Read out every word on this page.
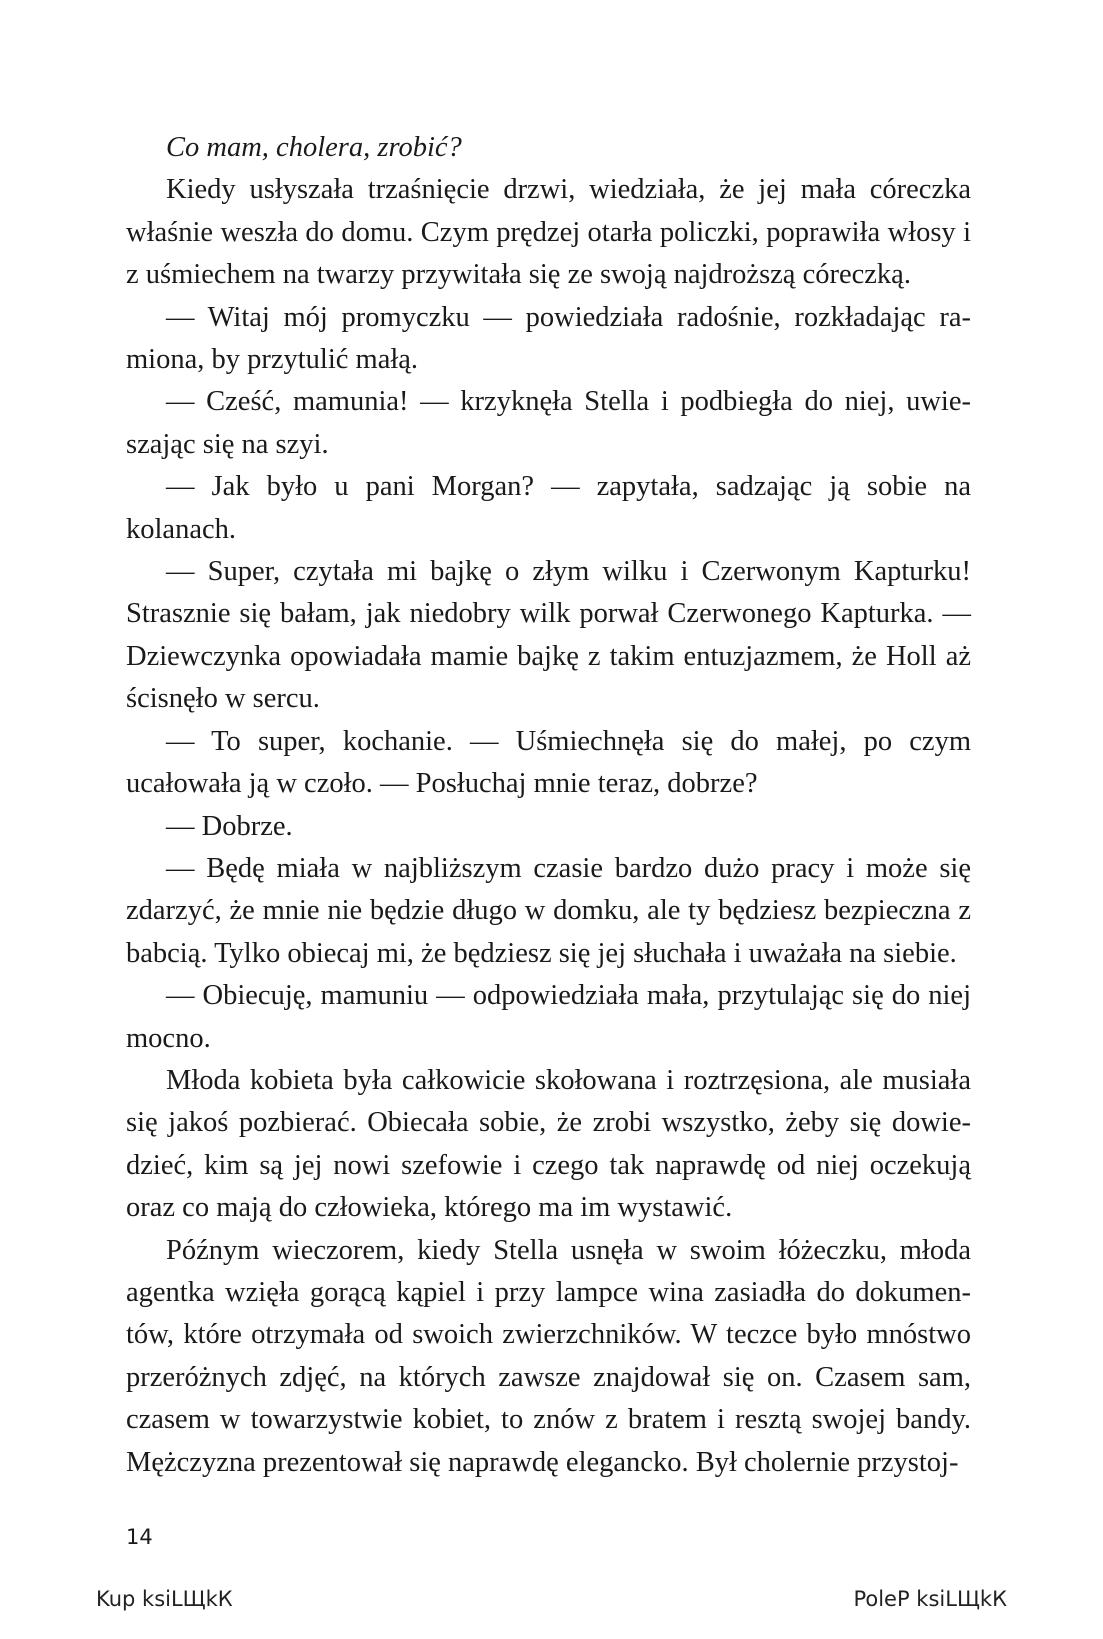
Co mam, cholera, zrobić?

Kiedy usłyszała trzaśnięcie drzwi, wiedziała, że jej mała córeczka właśnie weszła do domu. Czym prędzej otarła policzki, poprawiła włosy i z uśmiechem na twarzy przywitała się ze swoją najdroższą córeczką.

— Witaj mój promyczku — powiedziała radośnie, rozkładając ramiona, by przytulić małą.

— Cześć, mamunia! — krzyknęła Stella i podbiegła do niej, uwieszając się na szyi.

— Jak było u pani Morgan? — zapytała, sadzając ją sobie na kolanach.

— Super, czytała mi bajkę o złym wilku i Czerwonym Kapturku! Strasznie się bałam, jak niedobry wilk porwał Czerwonego Kapturka. — Dziewczynka opowiadała mamie bajkę z takim entuzjazmem, że Holl aż ścisnęło w sercu.

— To super, kochanie. — Uśmiechnęła się do małej, po czym ucałowała ją w czoło. — Posłuchaj mnie teraz, dobrze?

— Dobrze.

— Będę miała w najbliższym czasie bardzo dużo pracy i może się zdarzyć, że mnie nie będzie długo w domku, ale ty będziesz bezpieczna z babcią. Tylko obiecaj mi, że będziesz się jej słuchała i uważała na siebie.

— Obiecuję, mamuniu — odpowiedziała mała, przytulając się do niej mocno.

Młoda kobieta była całkowicie skołowana i roztrzęsiona, ale musiała się jakoś pozbierać. Obiecała sobie, że zrobi wszystko, żeby się dowiedzieć, kim są jej nowi szefowie i czego tak naprawdę od niej oczekują oraz co mają do człowieka, którego ma im wystawić.

Późnym wieczorem, kiedy Stella usnęła w swoim łóżeczku, młoda agentka wzięła gorącą kąpiel i przy lampce wina zasiadła do dokumentów, które otrzymała od swoich zwierzchników. W teczce było mnóstwo przeróżnych zdjęć, na których zawsze znajdował się on. Czasem sam, czasem w towarzystwie kobiet, to znów z bratem i resztą swojej bandy. Mężczyzna prezentował się naprawdę elegancko. Był cholernie przystoj-

14
Kup ksiLЩkК	PoleР ksiLЩkК
